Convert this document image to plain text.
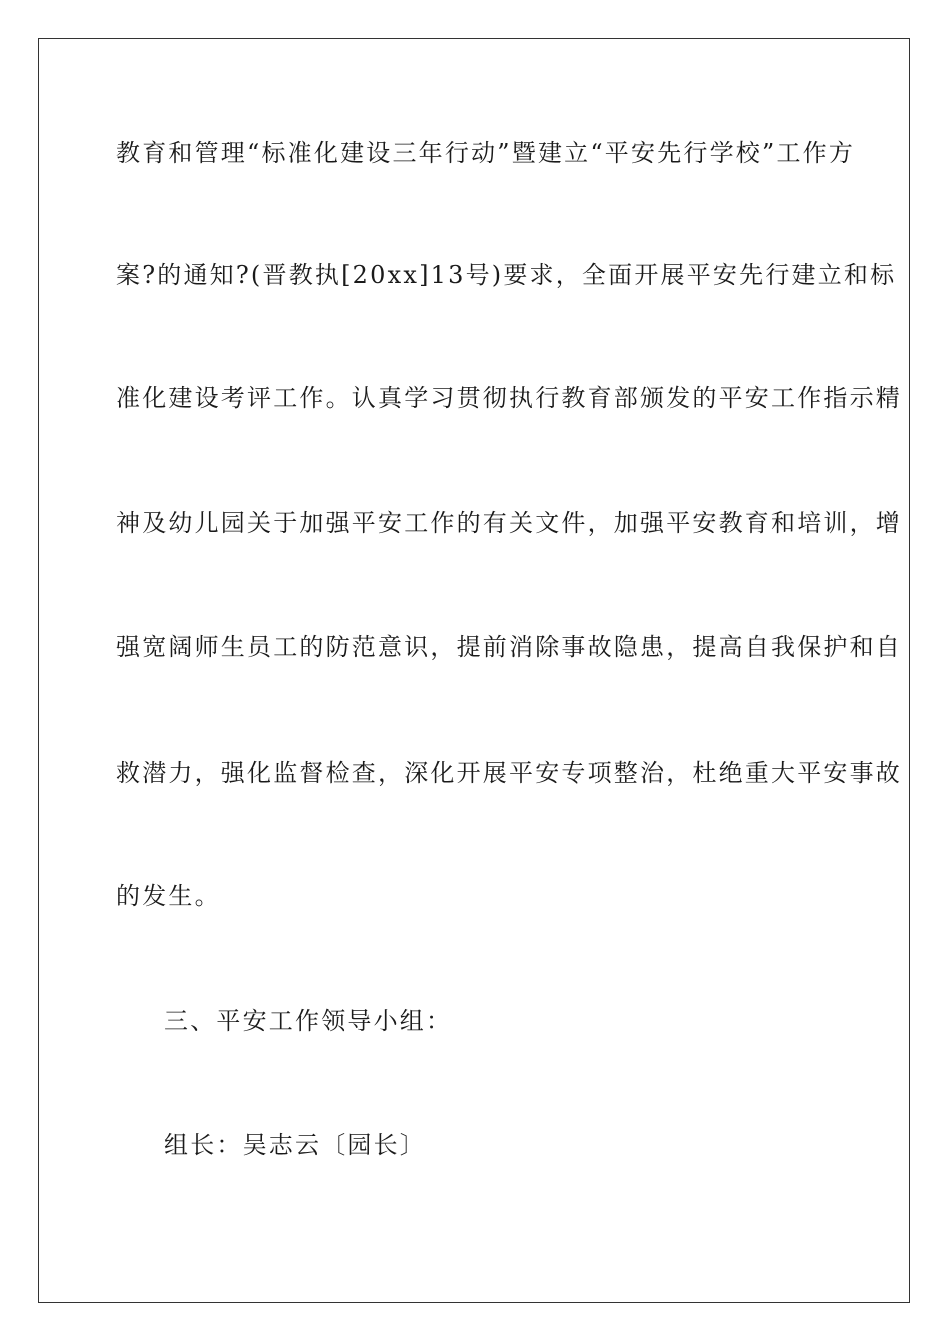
教育和管理“标准化建设三年行动”暨建立“平安先行学校”工作方
案?的通知?(晋教执[20xx]13号)要求，全面开展平安先行建立和标
准化建设考评工作。认真学习贯彻执行教育部颁发的平安工作指示精
神及幼儿园关于加强平安工作的有关文件，加强平安教育和培训，增
强宽阔师生员工的防范意识，提前消除事故隐患，提高自我保护和自
救潜力，强化监督检查，深化开展平安专项整治，杜绝重大平安事故
的发生。
三、平安工作领导小组：
组长：吴志云〔园长〕
